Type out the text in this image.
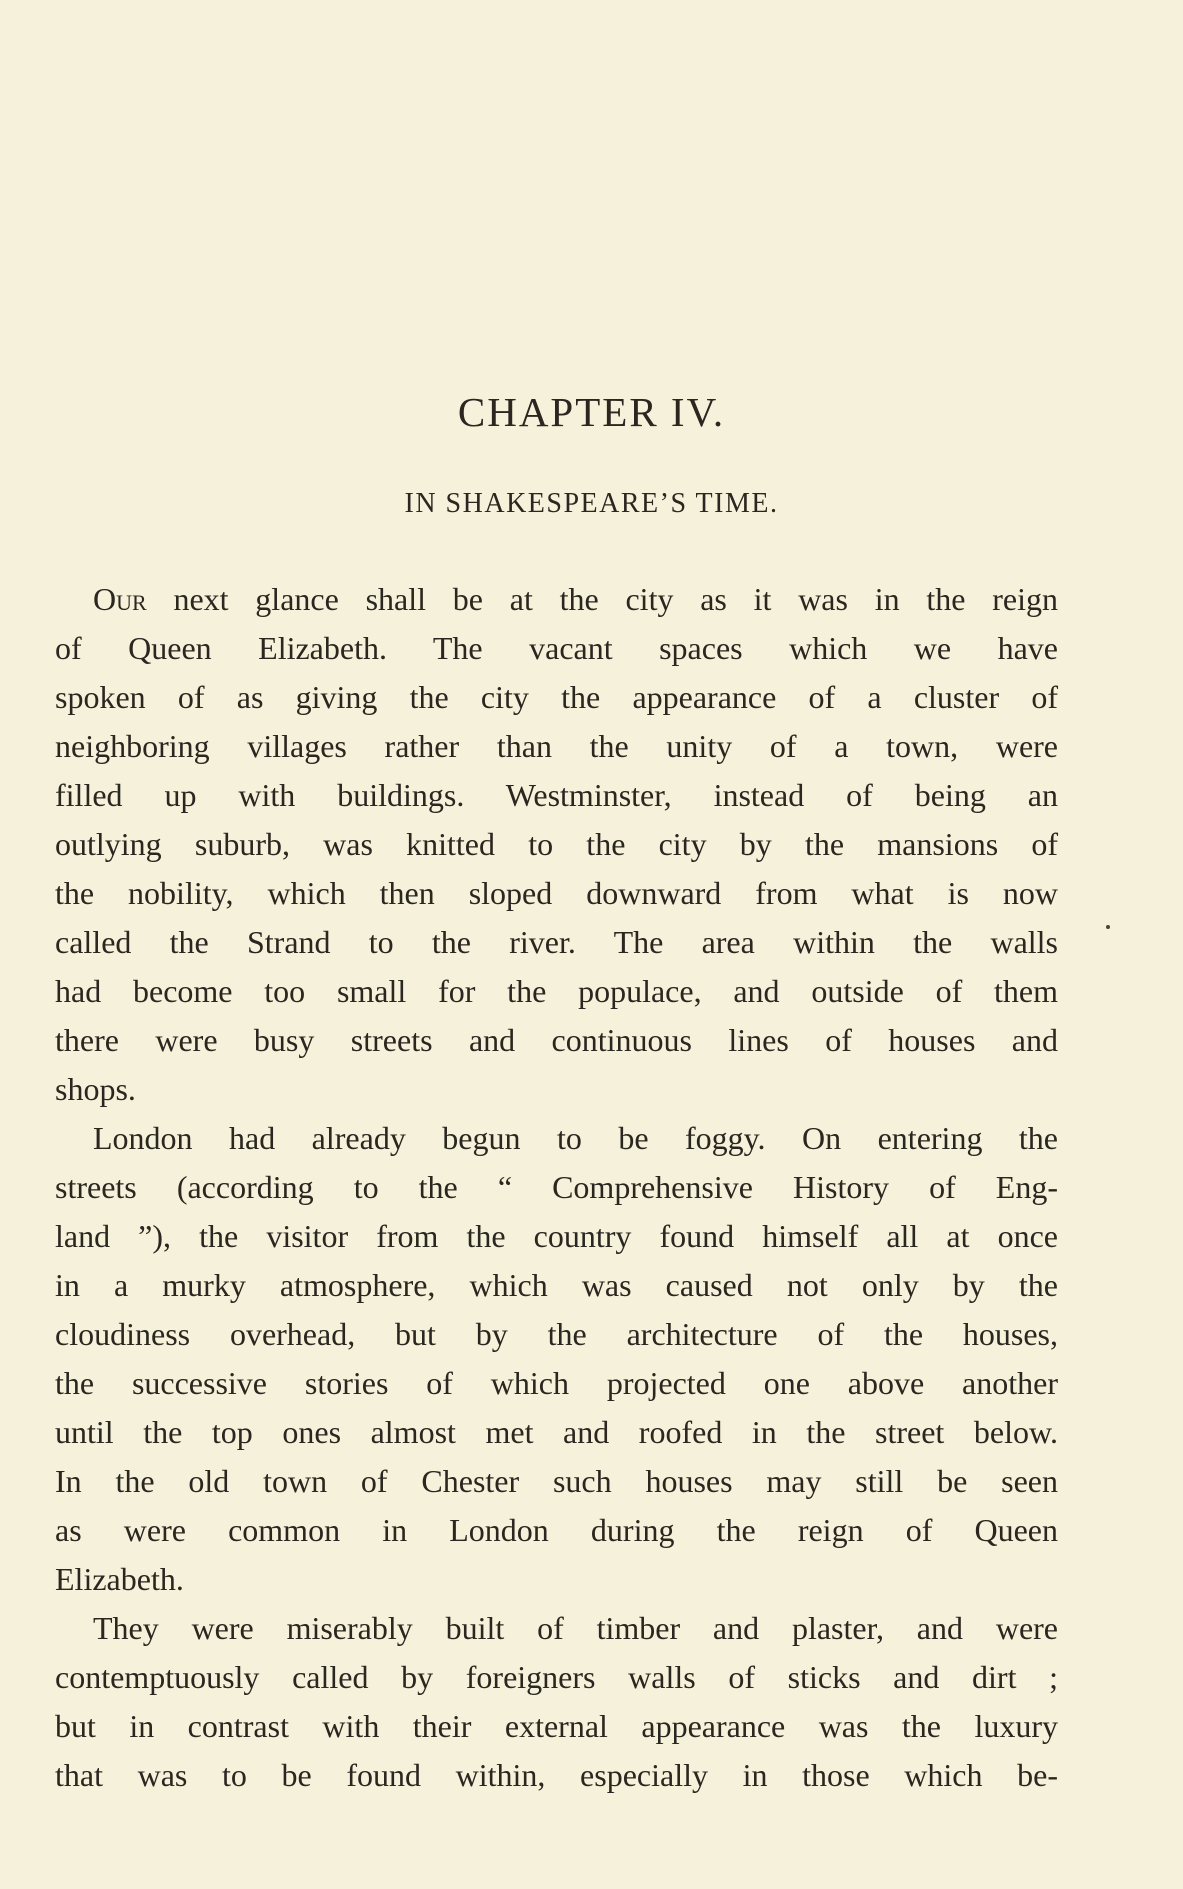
CHAPTER IV.
IN SHAKESPEARE’S TIME.
Our next glance shall be at the city as it was in the reign
of Queen Elizabeth. The vacant spaces which we have
spoken of as giving the city the appearance of a cluster of
neighboring villages rather than the unity of a town, were
filled up with buildings. Westminster, instead of being an
outlying suburb, was knitted to the city by the mansions of
the nobility, which then sloped downward from what is now
called the Strand to the river. The area within the walls
had become too small for the populace, and outside of them
there were busy streets and continuous lines of houses and
shops.
London had already begun to be foggy. On entering the
streets (according to the “ Comprehensive History of Eng-
land ”), the visitor from the country found himself all at once
in a murky atmosphere, which was caused not only by the
cloudiness overhead, but by the architecture of the houses,
the successive stories of which projected one above another
until the top ones almost met and roofed in the street below.
In the old town of Chester such houses may still be seen
as were common in London during the reign of Queen
Elizabeth.
They were miserably built of timber and plaster, and were
contemptuously called by foreigners walls of sticks and dirt ;
but in contrast with their external appearance was the luxury
that was to be found within, especially in those which be-
